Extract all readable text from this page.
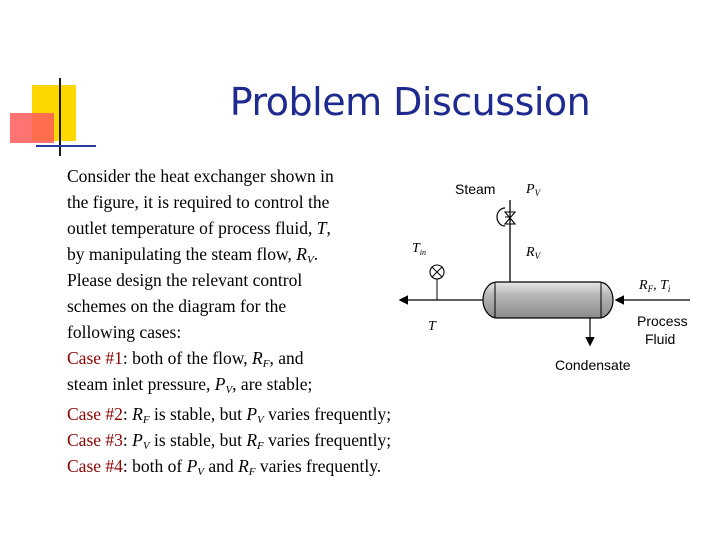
Problem Discussion
Consider the heat exchanger shown in
the figure, it is required to control the
outlet temperature of process fluid, T,
by manipulating the steam flow, $R_V$.
Please design the relevant control
schemes on the diagram for the
following cases:
Case #1: both of the flow, $R_F$, and
steam inlet pressure, $P_V$, are stable;
Case #2: $R_F$ is stable, but $P_V$ varies frequently;
Case #3: $P_V$ is stable, but $R_F$ varies frequently;
Case #4: both of $P_V$ and $R_F$ varies frequently.
Steam $P_V$
$R_V$
$T_{in}$
T
$R_F$, $T_i$
Process
Fluid
Condensate
